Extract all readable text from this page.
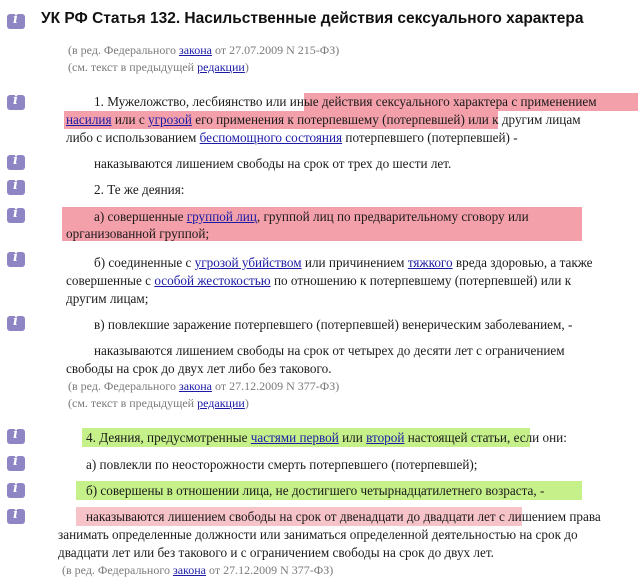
i
i
i
i
i
i
i
i
i
i
i
УК РФ Статья 132. Насильственные действия сексуального характера
(в ред. Федерального закона от 27.07.2009 N 215-ФЗ)
(см. текст в предыдущей редакции)
1. Мужеложство, лесбиянство или иные действия сексуального характера с применением
насилия или с угрозой его применения к потерпевшему (потерпевшей) или к другим лицам
либо с использованием беспомощного состояния потерпевшего (потерпевшей) -
наказываются лишением свободы на срок от трех до шести лет.
2. Те же деяния:
а) совершенные группой лиц, группой лиц по предварительному сговору или
организованной группой;
б) соединенные с угрозой убийством или причинением тяжкого вреда здоровью, а также
совершенные с особой жестокостью по отношению к потерпевшему (потерпевшей) или к
другим лицам;
в) повлекшие заражение потерпевшего (потерпевшей) венерическим заболеванием, -
наказываются лишением свободы на срок от четырех до десяти лет с ограничением
свободы на срок до двух лет либо без такового.
(в ред. Федерального закона от 27.12.2009 N 377-ФЗ)
(см. текст в предыдущей редакции)
4. Деяния, предусмотренные частями первой или второй настоящей статьи, если они:
а) повлекли по неосторожности смерть потерпевшего (потерпевшей);
б) совершены в отношении лица, не достигшего четырнадцатилетнего возраста, -
наказываются лишением свободы на срок от двенадцати до двадцати лет с лишением права
занимать определенные должности или заниматься определенной деятельностью на срок до
двадцати лет или без такового и с ограничением свободы на срок до двух лет.
(в ред. Федерального закона от 27.12.2009 N 377-ФЗ)
